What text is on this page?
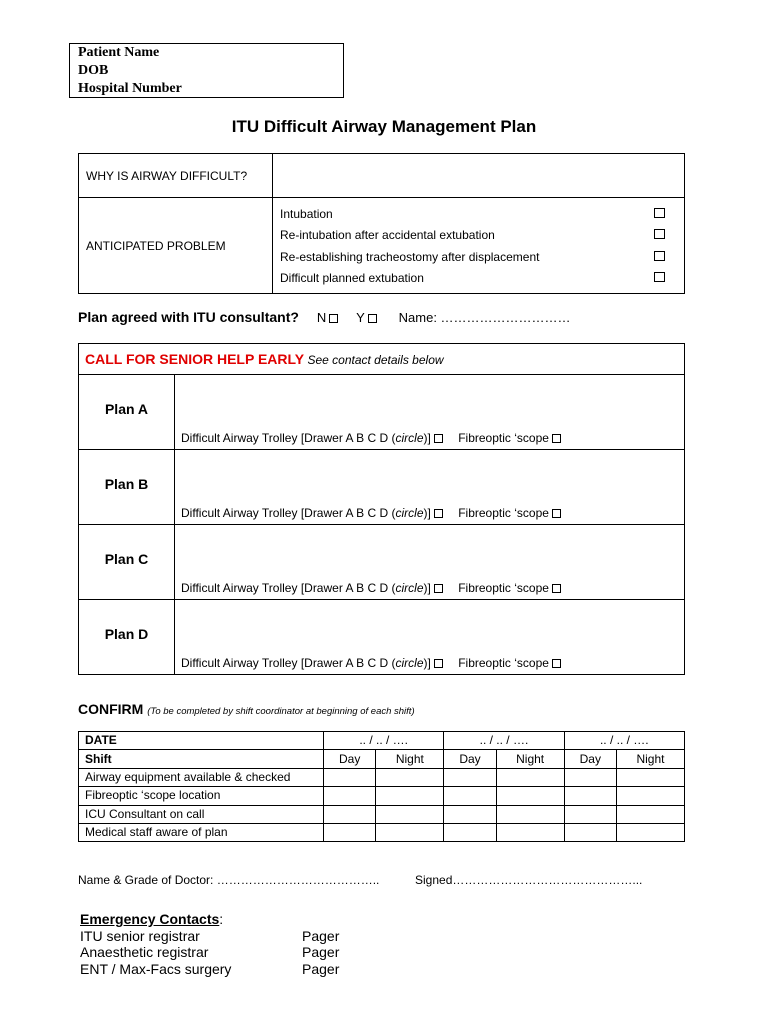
Patient Name
DOB
Hospital Number
ITU Difficult Airway Management Plan
WHY IS AIRWAY DIFFICULT?	
ANTICIPATED PROBLEM	Intubation
Re-intubation after accidental extubation
Re-establishing tracheostomy after displacement
Difficult planned extubation
Plan agreed with ITU consultant? N Y	Name: …………………………
CALL FOR SENIOR HELP EARLY See contact details below	
Plan A	Difficult Airway Trolley [Drawer A B C D (circle)] Fibreoptic ‘scope
Plan B	Difficult Airway Trolley [Drawer A B C D (circle)] Fibreoptic ‘scope
Plan C	Difficult Airway Trolley [Drawer A B C D (circle)] Fibreoptic ‘scope
Plan D	Difficult Airway Trolley [Drawer A B C D (circle)] Fibreoptic ‘scope
CONFIRM (To be completed by shift coordinator at beginning of each shift)
DATE	.. / .. / ….		.. / .. / ….		.. / .. / ….	
Shift	Day	Night	Day	Night	Day	Night
Airway equipment available & checked						
Fibreoptic ‘scope location						
ICU Consultant on call						
Medical staff aware of plan						
Name & Grade of Doctor: …………………………………..	Signed………………………………………...
Emergency Contacts:
ITU senior registrar	Pager
Anaesthetic registrar	Pager
ENT / Max-Facs surgery	Pager
